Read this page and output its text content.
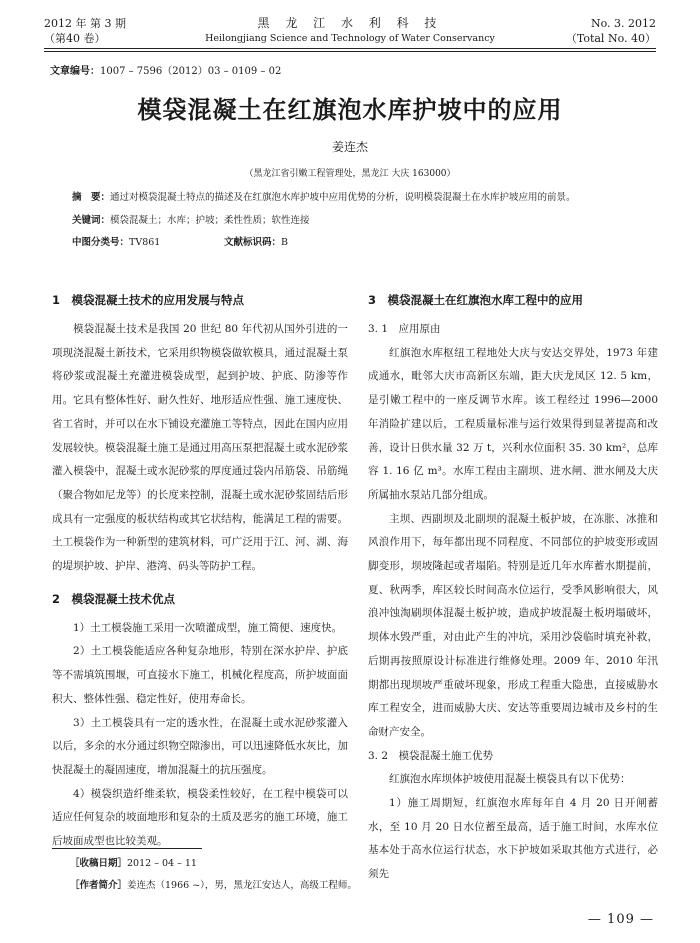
2012 年 第 3 期
（第40 卷）
黑 龙 江 水 利 科 技
Heilongjiang Science and Technology of Water Conservancy
No. 3. 2012
（Total No. 40）
文章编号：1007 – 7596（2012）03 – 0109 – 02
模袋混凝土在红旗泡水库护坡中的应用
姜连杰
（黑龙江省引嫩工程管理处，黑龙江 大庆 163000）
摘　要：通过对模袋混凝土特点的描述及在红旗泡水库护坡中应用优势的分析，说明模袋混凝土在水库护坡应用的前景。
关键词：模袋混凝土；水库；护坡；柔性性质；软性连接
中图分类号：TV861	文献标识码：B
1　模袋混凝土技术的应用发展与特点

模袋混凝土技术是我国 20 世纪 80 年代初从国外引进的一项现浇混凝土新技术，它采用织物模袋做软模具，通过混凝土泵将砂浆或混凝土充灌进模袋成型，起到护坡、护底、防渗等作用。它具有整体性好、耐久性好、地形适应性强、施工速度快、省工省时，并可以在水下铺设充灌施工等特点，因此在国内应用发展较快。模袋混凝土施工是通过用高压泵把混凝土或水泥砂浆灌入模袋中，混凝土或水泥砂浆的厚度通过袋内吊筋袋、吊筋绳（聚合物如尼龙等）的长度来控制，混凝土或水泥砂浆固结后形成具有一定强度的板状结构或其它状结构，能满足工程的需要。土工模袋作为一种新型的建筑材料，可广泛用于江、河、湖、海的堤坝护坡、护岸、港湾、码头等防护工程。

2　模袋混凝土技术优点

1）土工模袋施工采用一次喷灌成型，施工简便、速度快。

2）土工模袋能适应各种复杂地形，特别在深水护岸、护底等不需填筑围堰，可直接水下施工，机械化程度高，所护坡面面积大、整体性强、稳定性好，使用寿命长。

3）土工模袋具有一定的透水性，在混凝土或水泥砂浆灌入以后，多余的水分通过织物空隙渗出，可以迅速降低水灰比，加快混凝土的凝固速度，增加混凝土的抗压强度。

4）模袋织造纤维柔软，模袋柔性较好，在工程中模袋可以适应任何复杂的坡面地形和复杂的土质及恶劣的施工环境，施工后坡面成型也比较美观。

3　模袋混凝土在红旗泡水库工程中的应用
3. 1　应用原由

红旗泡水库枢纽工程地处大庆与安达交界处，1973 年建成通水，毗邻大庆市高新区东端，距大庆龙凤区 12. 5 km，是引嫩工程中的一座反调节水库。该工程经过 1996—2000 年消险扩建以后，工程质量标准与运行效果得到显著提高和改善，设计日供水量 32 万 t，兴利水位面积 35. 30 km²，总库容 1. 16 亿 m³。水库工程由主副坝、进水闸、泄水闸及大庆所属抽水泵站几部分组成。

主坝、西副坝及北副坝的混凝土板护坡，在冻胀、冰推和风浪作用下，每年都出现不同程度、不同部位的护坡变形或固脚变形，坝坡隆起或者塌陷。特别是近几年水库蓄水期提前，夏、秋两季，库区较长时间高水位运行，受季风影响很大，风浪冲蚀淘刷坝体混凝土板护坡，造成护坡混凝土板坍塌破坏，坝体水毁严重，对由此产生的冲坑，采用沙袋临时填充补救，后期再按照原设计标准进行维修处理。2009 年、2010 年汛期都出现坝坡严重破坏现象，形成工程重大隐患，直接威胁水库工程安全，进而威胁大庆、安达等重要周边城市及乡村的生命财产安全。

3. 2　模袋混凝土施工优势

红旗泡水库坝体护坡使用混凝土模袋具有以下优势：

1）施工周期短，红旗泡水库每年自 4 月 20 日开闸蓄水，至 10 月 20 日水位蓄至最高，适于施工时间，水库水位基本处于高水位运行状态，水下护坡如采取其他方式进行，必须先

［收稿日期］2012 – 04 – 11
［作者简介］姜连杰（1966 ~），男，黑龙江安达人，高级工程师。
— 109 —
